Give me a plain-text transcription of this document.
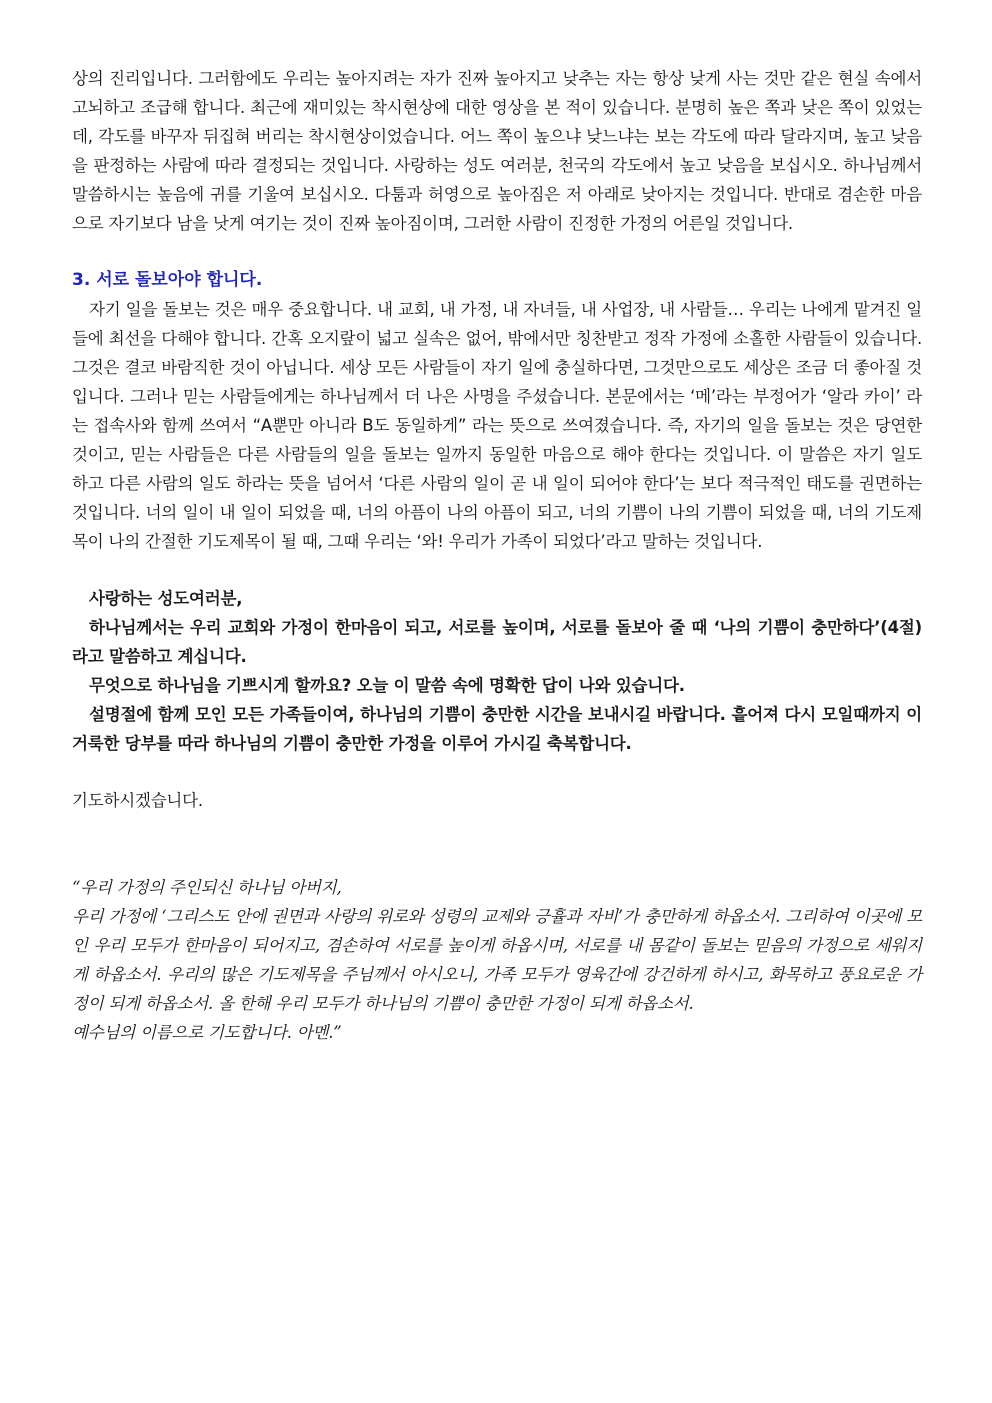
상의 진리입니다. 그러함에도 우리는 높아지려는 자가 진짜 높아지고 낮추는 자는 항상 낮게 사는 것만 같은 현실 속에서 고뇌하고 조급해 합니다. 최근에 재미있는 착시현상에 대한 영상을 본 적이 있습니다. 분명히 높은 쪽과 낮은 쪽이 있었는데, 각도를 바꾸자 뒤집혀 버리는 착시현상이었습니다. 어느 쪽이 높으냐 낮느냐는 보는 각도에 따라 달라지며, 높고 낮음을 판정하는 사람에 따라 결정되는 것입니다. 사랑하는 성도 여러분, 천국의 각도에서 높고 낮음을 보십시오. 하나님께서 말씀하시는 높음에 귀를 기울여 보십시오. 다툼과 허영으로 높아짐은 저 아래로 낮아지는 것입니다. 반대로 겸손한 마음으로 자기보다 남을 낫게 여기는 것이 진짜 높아짐이며, 그러한 사람이 진정한 가정의 어른일 것입니다.

3. 서로 돌보아야 합니다.

자기 일을 돌보는 것은 매우 중요합니다. 내 교회, 내 가정, 내 자녀들, 내 사업장, 내 사람들… 우리는 나에게 맡겨진 일들에 최선을 다해야 합니다. 간혹 오지랖이 넓고 실속은 없어, 밖에서만 칭찬받고 정작 가정에 소홀한 사람들이 있습니다. 그것은 결코 바람직한 것이 아닙니다. 세상 모든 사람들이 자기 일에 충실하다면, 그것만으로도 세상은 조금 더 좋아질 것입니다. 그러나 믿는 사람들에게는 하나님께서 더 나은 사명을 주셨습니다. 본문에서는 ‘메’라는 부정어가 ‘알라 카이’ 라는 접속사와 함께 쓰여서 “A뿐만 아니라 B도 동일하게” 라는 뜻으로 쓰여졌습니다. 즉, 자기의 일을 돌보는 것은 당연한 것이고, 믿는 사람들은 다른 사람들의 일을 돌보는 일까지 동일한 마음으로 해야 한다는 것입니다. 이 말씀은 자기 일도 하고 다른 사람의 일도 하라는 뜻을 넘어서 ‘다른 사람의 일이 곧 내 일이 되어야 한다’는 보다 적극적인 태도를 권면하는 것입니다. 너의 일이 내 일이 되었을 때, 너의 아픔이 나의 아픔이 되고, 너의 기쁨이 나의 기쁨이 되었을 때, 너의 기도제목이 나의 간절한 기도제목이 될 때, 그때 우리는 ‘와! 우리가 가족이 되었다’라고 말하는 것입니다.

사랑하는 성도여러분,

하나님께서는 우리 교회와 가정이 한마음이 되고, 서로를 높이며, 서로를 돌보아 줄 때 ‘나의 기쁨이 충만하다’(4절)라고 말씀하고 계십니다.

무엇으로 하나님을 기쁘시게 할까요? 오늘 이 말씀 속에 명확한 답이 나와 있습니다.

설명절에 함께 모인 모든 가족들이여, 하나님의 기쁨이 충만한 시간을 보내시길 바랍니다. 흩어져 다시 모일때까지 이 거룩한 당부를 따라 하나님의 기쁨이 충만한 가정을 이루어 가시길 축복합니다.

기도하시겠습니다.

“우리 가정의 주인되신 하나님 아버지,

우리 가정에 ‘그리스도 안에 권면과 사랑의 위로와 성령의 교제와 긍휼과 자비’가 충만하게 하옵소서. 그리하여 이곳에 모인 우리 모두가 한마음이 되어지고, 겸손하여 서로를 높이게 하옵시며, 서로를 내 몸같이 돌보는 믿음의 가정으로 세워지게 하옵소서. 우리의 많은 기도제목을 주님께서 아시오니, 가족 모두가 영육간에 강건하게 하시고, 화목하고 풍요로운 가정이 되게 하옵소서. 올 한해 우리 모두가 하나님의 기쁨이 충만한 가정이 되게 하옵소서.

예수님의 이름으로 기도합니다. 아멘.”
